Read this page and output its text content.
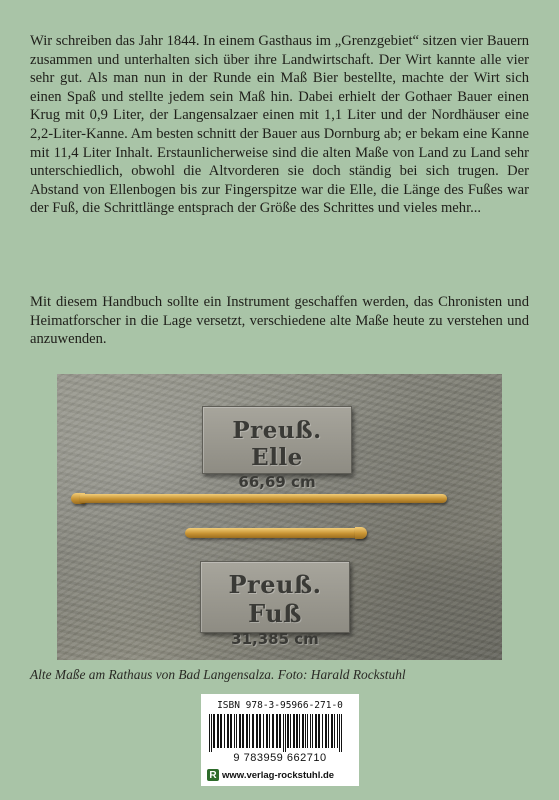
Wir schreiben das Jahr 1844. In einem Gasthaus im „Grenzgebiet“ sitzen vier Bauern zusammen und unterhalten sich über ihre Landwirtschaft. Der Wirt kannte alle vier sehr gut. Als man nun in der Runde ein Maß Bier bestellte, machte der Wirt sich einen Spaß und stellte jedem sein Maß hin. Dabei erhielt der Gothaer Bauer einen Krug mit 0,9 Liter, der Langensalzaer einen mit 1,1 Liter und der Nordhäuser eine 2,2-Liter-Kanne. Am besten schnitt der Bauer aus Dornburg ab; er bekam eine Kanne mit 11,4 Liter Inhalt. Erstaunlicherweise sind die alten Maße von Land zu Land sehr unterschiedlich, obwohl die Altvorderen sie doch ständig bei sich trugen. Der Abstand von Ellenbogen bis zur Fingerspitze war die Elle, die Länge des Fußes war der Fuß, die Schrittlänge entsprach der Größe des Schrittes und vieles mehr...

Mit diesem Handbuch sollte ein Instrument geschaffen werden, das Chronisten und Heimatforscher in die Lage versetzt, verschiedene alte Maße heute zu verstehen und anzuwenden.

Preuß. Elle
66,69 cm
Preuß. Fuß
31,385 cm

Alte Maße am Rathaus von Bad Langensalza. Foto: Harald Rockstuhl

ISBN 978-3-95966-271-0
9 783959 662710
R www.verlag-rockstuhl.de
